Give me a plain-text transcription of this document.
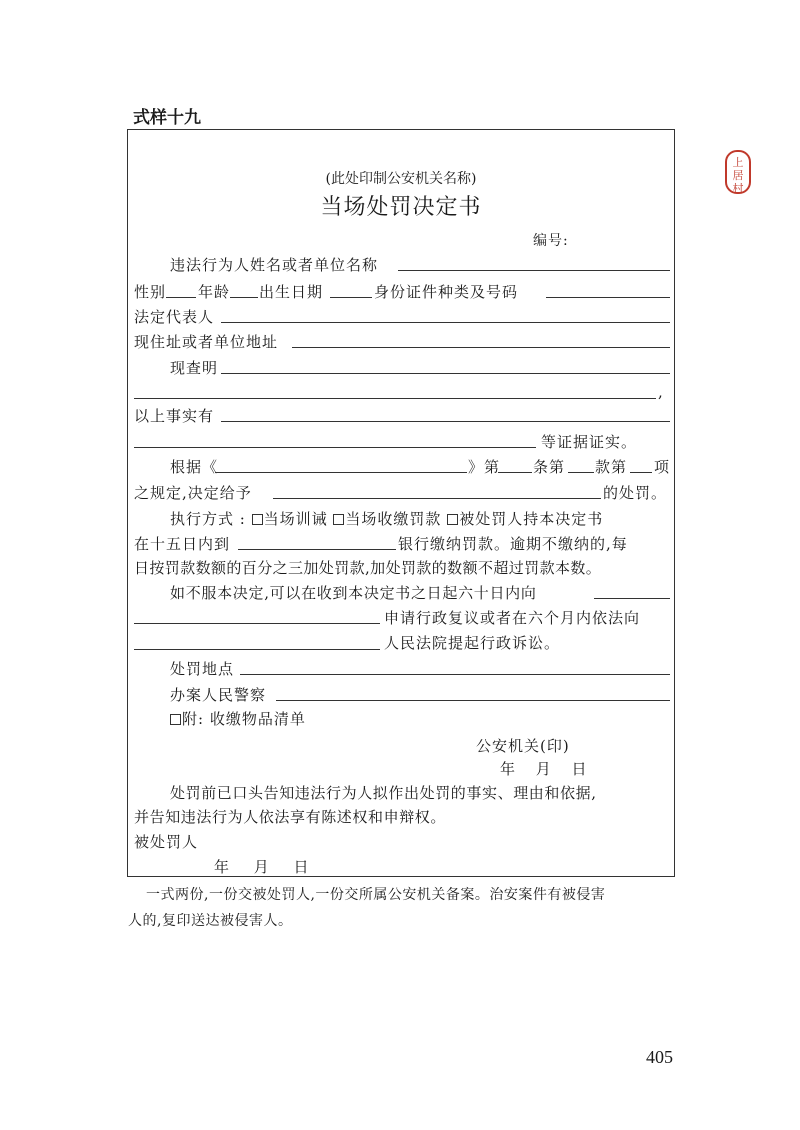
式样十九
上
居
村
(此处印制公安机关名称)
当场处罚决定书
编号:
违法行为人姓名或者单位名称
性别 年龄 出生日期	身份证件种类及号码
法定代表人
现住址或者单位地址
现查明
,
以上事实有
等证据证实。
根据《	》第 条第 款第 项
之规定,决定给予	的处罚。
执行方式 : 当场训诫 当场收缴罚款 被处罚人持本决定书
在十五日内到	银行缴纳罚款。逾期不缴纳的,每
日按罚款数额的百分之三加处罚款,加处罚款的数额不超过罚款本数。
如不服本决定,可以在收到本决定书之日起六十日内向
申请行政复议或者在六个月内依法向
人民法院提起行政诉讼。
处罚地点
办案人民警察
附: 收缴物品清单
公安机关(印)
年 月 日
处罚前已口头告知违法行为人拟作出处罚的事实、理由和依据,
并告知违法行为人依法享有陈述权和申辩权。
被处罚人
年 月 日
一式两份,一份交被处罚人,一份交所属公安机关备案。治安案件有被侵害
人的,复印送达被侵害人。
405
